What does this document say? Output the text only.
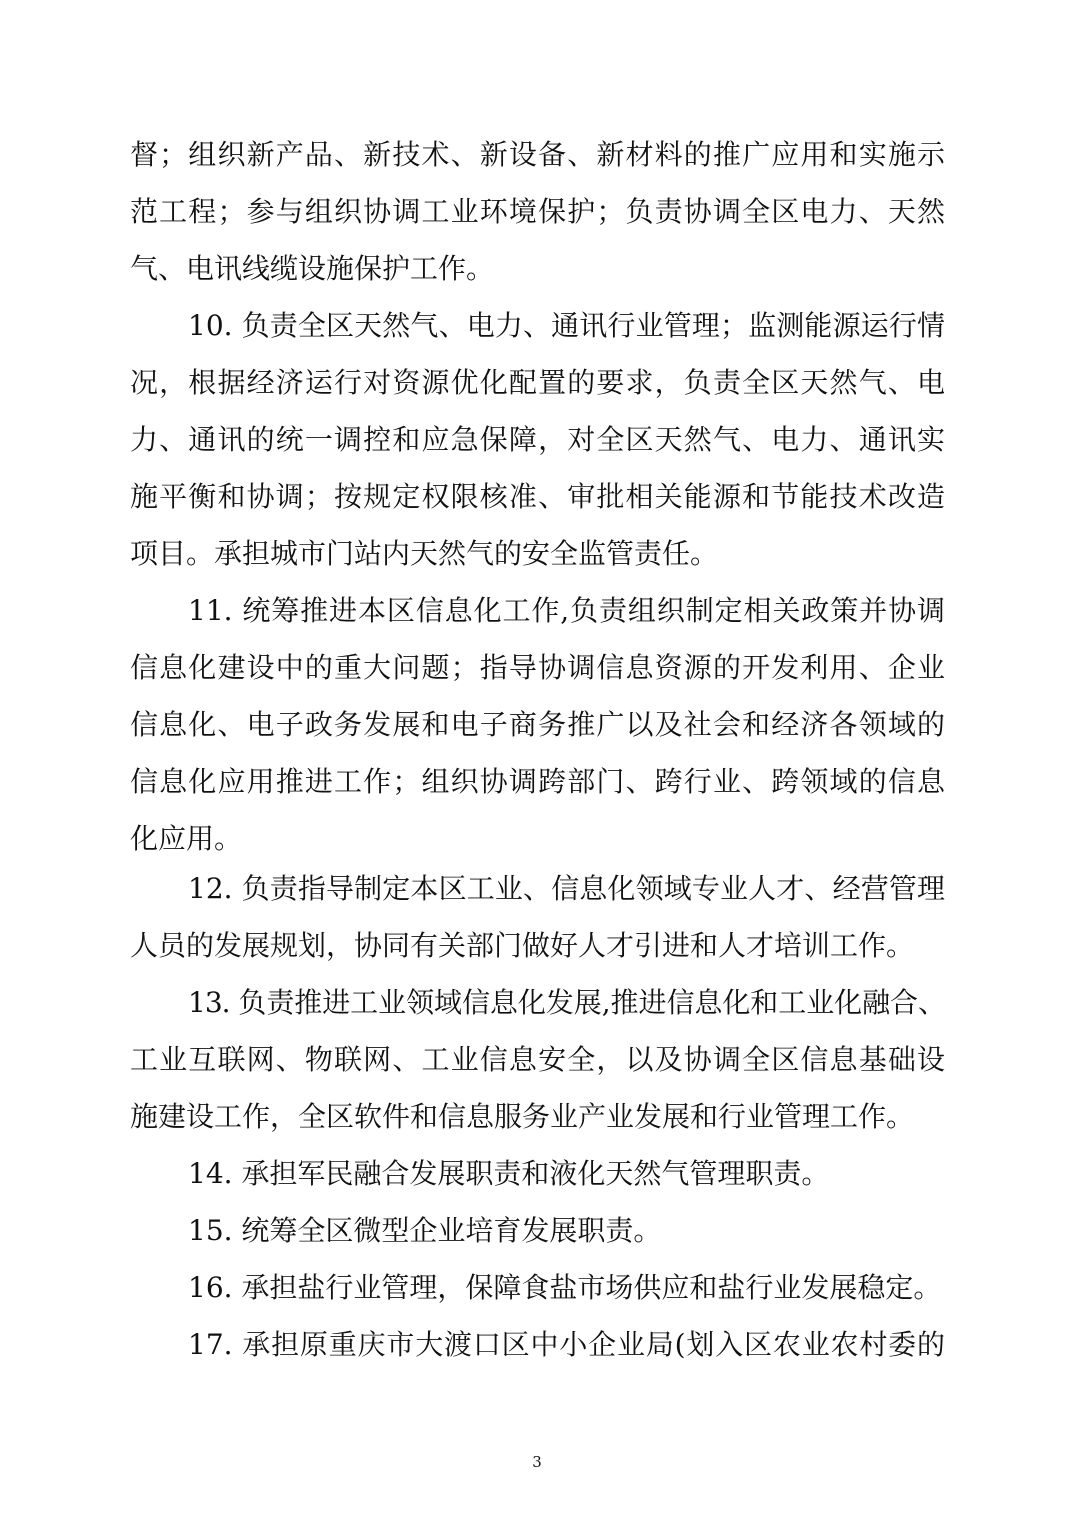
督；组织新产品、新技术、新设备、新材料的推广应用和实施示
范工程；参与组织协调工业环境保护；负责协调全区电力、天然
气、电讯线缆设施保护工作。
10. 负责全区天然气、电力、通讯行业管理；监测能源运行情
况，根据经济运行对资源优化配置的要求，负责全区天然气、电
力、通讯的统一调控和应急保障，对全区天然气、电力、通讯实
施平衡和协调；按规定权限核准、审批相关能源和节能技术改造
项目。承担城市门站内天然气的安全监管责任。
11. 统筹推进本区信息化工作,负责组织制定相关政策并协调
信息化建设中的重大问题；指导协调信息资源的开发利用、企业
信息化、电子政务发展和电子商务推广以及社会和经济各领域的
信息化应用推进工作；组织协调跨部门、跨行业、跨领域的信息
化应用。
12. 负责指导制定本区工业、信息化领域专业人才、经营管理
人员的发展规划，协同有关部门做好人才引进和人才培训工作。
13. 负责推进工业领域信息化发展,推进信息化和工业化融合、
工业互联网、物联网、工业信息安全，以及协调全区信息基础设
施建设工作，全区软件和信息服务业产业发展和行业管理工作。
14. 承担军民融合发展职责和液化天然气管理职责。
15. 统筹全区微型企业培育发展职责。
16. 承担盐行业管理，保障食盐市场供应和盐行业发展稳定。
17. 承担原重庆市大渡口区中小企业局(划入区农业农村委的
3
